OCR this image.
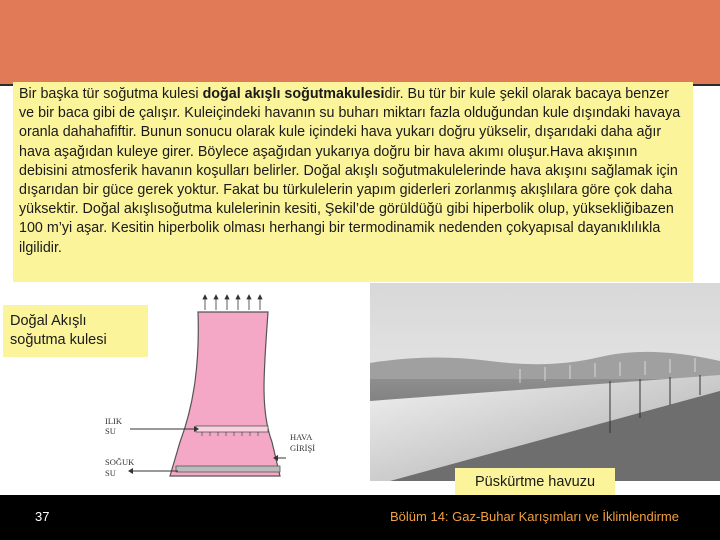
Bir başka tür soğutma kulesi doğal akışlı soğutmakulesidir. Bu tür bir kule şekil olarak bacaya benzer ve bir baca gibi de çalışır. Kuleiçindeki havanın su buharı miktarı fazla olduğundan kule dışındaki havaya oranla dahahafiftir. Bunun sonucu olarak kule içindeki hava yukarı doğru yükselir, dışarıdaki daha ağır hava aşağıdan kuleye girer. Böylece aşağıdan yukarıya doğru bir hava akımı oluşur.Hava akışının debisini atmosferik havanın koşulları belirler. Doğal akışlı soğutmakulelerinde hava akışını sağlamak için dışarıdan bir güce gerek yoktur. Fakat bu türkulelerin yapım giderleri zorlanmış akışlılara göre çok daha yüksektir. Doğal akışlısoğutma kulelerinin kesiti, Şekil’de görüldüğü gibi hiperbolik olup, yüksekliğibazen 100 m’yi aşar. Kesitin hiperbolik olması herhangi bir termodinamik nedenden çokyapısal dayanıklılıkla ilgilidir.
ILIK
SU
SOĞUK
SU
HAVA
GİRİŞİ
Doğal Akışlı soğutma kulesi
Püskürtme havuzu
37	Bölüm 14: Gaz-Buhar Karışımları ve İklimlendirme
